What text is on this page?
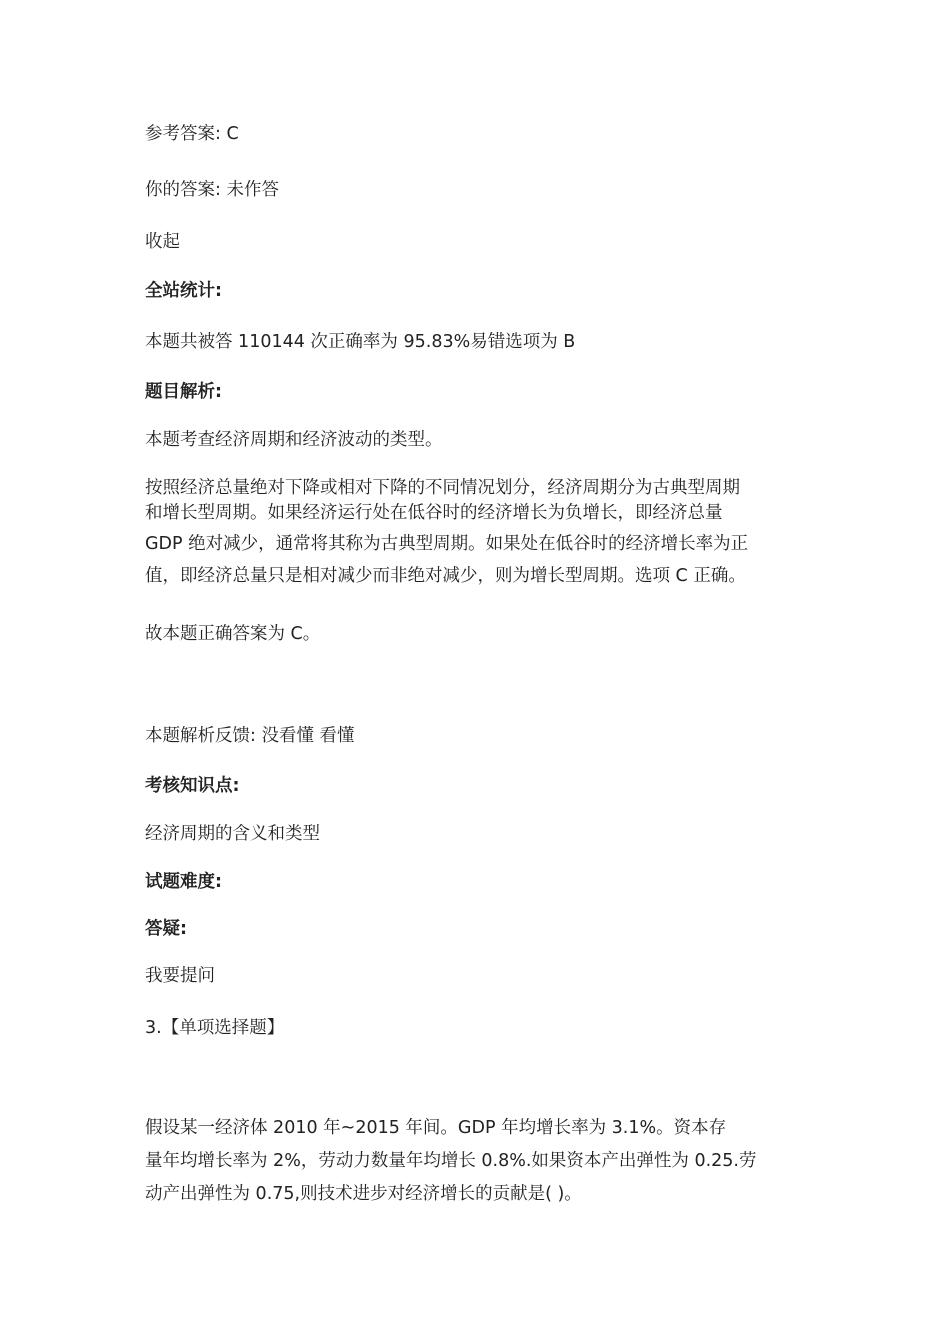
参考答案: C
你的答案: 未作答
收起
全站统计:
本题共被答 110144 次正确率为 95.83%易错选项为 B
题目解析:
本题考查经济周期和经济波动的类型。
按照经济总量绝对下降或相对下降的不同情况划分，经济周期分为古典型周期
和增长型周期。如果经济运行处在低谷时的经济增长为负增长，即经济总量
GDP 绝对减少，通常将其称为古典型周期。如果处在低谷时的经济增长率为正
值，即经济总量只是相对减少而非绝对减少，则为增长型周期。选项 C 正确。
故本题正确答案为 C。
本题解析反馈: 没看懂 看懂
考核知识点:
经济周期的含义和类型
试题难度:
答疑:
我要提问
3.【单项选择题】
假设某一经济体 2010 年~2015 年间。GDP 年均增长率为 3.1%。资本存
量年均增长率为 2%，劳动力数量年均增长 0.8%.如果资本产出弹性为 0.25.劳
动产出弹性为 0.75,则技术进步对经济增长的贡献是( )。
